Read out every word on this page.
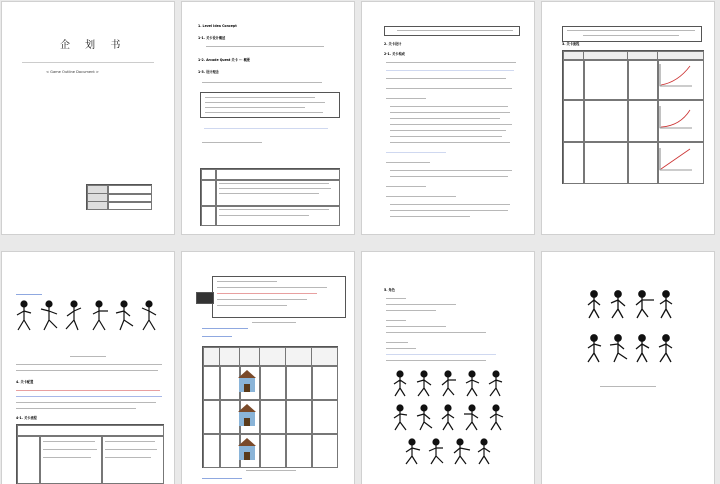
企 划 书
< Game Outline Document >
1. Level Idea Concept
1-1. 关卡设计概述
1-2. Arcade Quest 关卡 ··· 概要
1-3. 设计理念
2. 关卡设计
2-1. 关卡构成
3. 关卡流程
4. 关卡配置
4-1. 关卡流程
5. 角色
